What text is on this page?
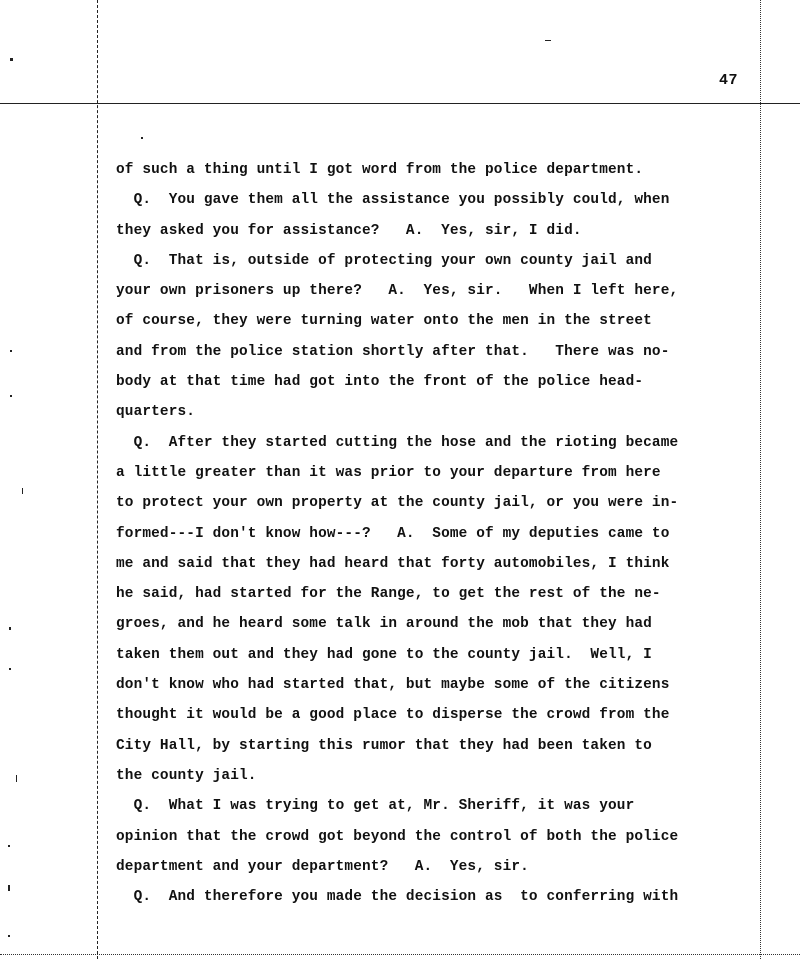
47
of such a thing until I got word from the police department.
Q.  You gave them all the assistance you possibly could, when
they asked you for assistance?   A.  Yes, sir, I did.
Q.  That is, outside of protecting your own county jail and
your own prisoners up there?   A.  Yes, sir.   When I left here,
of course, they were turning water onto the men in the street
and from the police station shortly after that.   There was no-
body at that time had got into the front of the police head-
quarters.
Q.  After they started cutting the hose and the rioting became
a little greater than it was prior to your departure from here
to protect your own property at the county jail, or you were in-
formed---I don't know how---?   A.  Some of my deputies came to
me and said that they had heard that forty automobiles, I think
he said, had started for the Range, to get the rest of the ne-
groes, and he heard some talk in around the mob that they had
taken them out and they had gone to the county jail.  Well, I
don't know who had started that, but maybe some of the citizens
thought it would be a good place to disperse the crowd from the
City Hall, by starting this rumor that they had been taken to
the county jail.
Q.  What I was trying to get at, Mr. Sheriff, it was your
opinion that the crowd got beyond the control of both the police
department and your department?   A.  Yes, sir.
Q.  And therefore you made the decision as  to conferring with
